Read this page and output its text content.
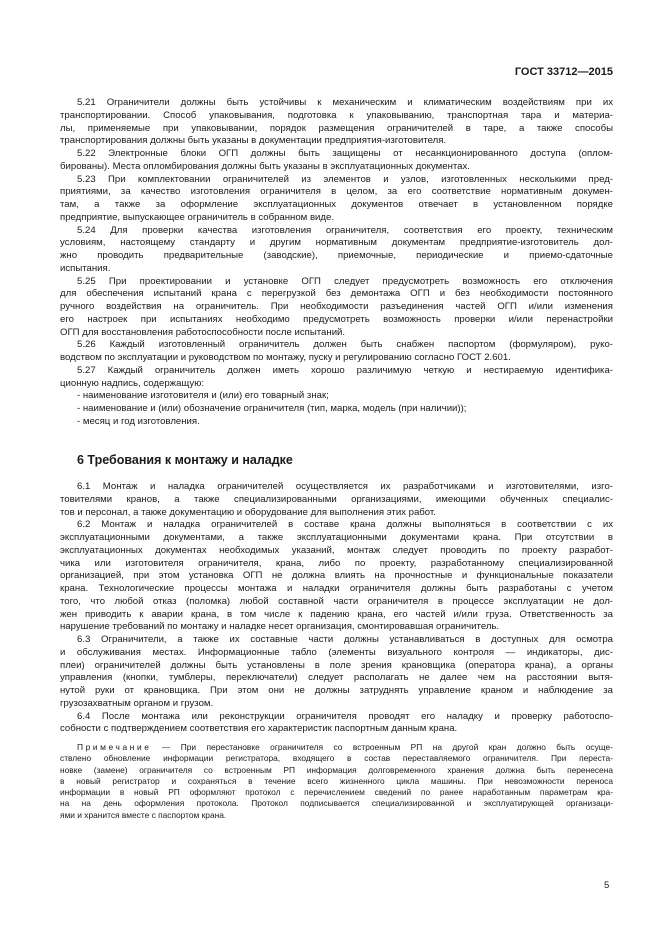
ГОСТ 33712—2015
5.21 Ограничители должны быть устойчивы к механическим и климатическим воздействиям при их
транспортировании. Способ упаковывания, подготовка к упаковыванию, транспортная тара и материа-
лы, применяемые при упаковывании, порядок размещения ограничителей в таре, а также способы
транспортирования должны быть указаны в документации предприятия-изготовителя.
5.22 Электронные блоки ОГП должны быть защищены от несанкционированного доступа (оплом-
бированы). Места опломбирования должны быть указаны в эксплуатационных документах.
5.23 При комплектовании ограничителей из элементов и узлов, изготовленных несколькими пред-
приятиями, за качество изготовления ограничителя в целом, за его соответствие нормативным докумен-
там, а также за оформление эксплуатационных документов отвечает в установленном порядке
предприятие, выпускающее ограничитель в собранном виде.
5.24 Для проверки качества изготовления ограничителя, соответствия его проекту, техническим
условиям, настоящему стандарту и другим нормативным документам предприятие-изготовитель дол-
жно проводить предварительные (заводские), приемочные, периодические и приемо-сдаточные
испытания.
5.25 При проектировании и установке ОГП следует предусмотреть возможность его отключения
для обеспечения испытаний крана с перегрузкой без демонтажа ОГП и без необходимости постоянного
ручного воздействия на ограничитель. При необходимости разъединения частей ОГП и/или изменения
его настроек при испытаниях необходимо предусмотреть возможность проверки и/или перенастройки
ОГП для восстановления работоспособности после испытаний.
5.26 Каждый изготовленный ограничитель должен быть снабжен паспортом (формуляром), руко-
водством по эксплуатации и руководством по монтажу, пуску и регулированию согласно ГОСТ 2.601.
5.27 Каждый ограничитель должен иметь хорошо различимую четкую и нестираемую идентифика-
ционную надпись, содержащую:
- наименование изготовителя и (или) его товарный знак;
- наименование и (или) обозначение ограничителя (тип, марка, модель (при наличии));
- месяц и год изготовления.
6 Требования к монтажу и наладке
6.1 Монтаж и наладка ограничителей осуществляется их разработчиками и изготовителями, изго-
товителями кранов, а также специализированными организациями, имеющими обученных специалис-
тов и персонал, а также документацию и оборудование для выполнения этих работ.
6.2 Монтаж и наладка ограничителей в составе крана должны выполняться в соответствии с их
эксплуатационными документами, а также эксплуатационными документами крана. При отсутствии в
эксплуатационных документах необходимых указаний, монтаж следует проводить по проекту разработ-
чика или изготовителя ограничителя, крана, либо по проекту, разработанному специализированной
организацией, при этом установка ОГП не должна влиять на прочностные и функциональные показатели
крана. Технологические процессы монтажа и наладки ограничителя должны быть разработаны с учетом
того, что любой отказ (поломка) любой составной части ограничителя в процессе эксплуатации не дол-
жен приводить к аварии крана, в том числе к падению крана, его частей и/или груза. Ответственность за
нарушение требований по монтажу и наладке несет организация, смонтировавшая ограничитель.
6.3 Ограничители, а также их составные части должны устанавливаться в доступных для осмотра
и обслуживания местах. Информационные табло (элементы визуального контроля — индикаторы, дис-
плеи) ограничителей должны быть установлены в поле зрения крановщика (оператора крана), а органы
управления (кнопки, тумблеры, переключатели) следует располагать не далее чем на расстоянии вытя-
нутой руки от крановщика. При этом они не должны затруднять управление краном и наблюдение за
грузозахватным органом и грузом.
6.4 После монтажа или реконструкции ограничителя проводят его наладку и проверку работоспо-
собности с подтверждением соответствия его характеристик паспортным данным крана.
Примечание — При перестановке ограничителя со встроенным РП на другой кран должно быть осуще-
ствлено обновление информации регистратора, входящего в состав переставляемого ограничителя. При переста-
новке (замене) ограничителя со встроенным РП информация долговременного хранения должна быть перенесена
в новый регистратор и сохраняться в течение всего жизненного цикла машины. При невозможности переноса
информации в новый РП оформляют протокол с перечислением сведений по ранее наработанным параметрам кра-
на на день оформления протокола. Протокол подписывается специализированной и эксплуатирующей организаци-
ями и хранится вместе с паспортом крана.
5
